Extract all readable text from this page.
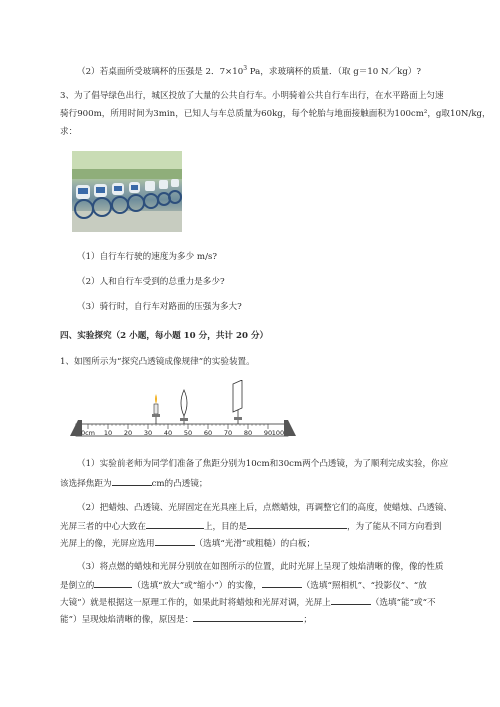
（2）若桌面所受玻璃杯的压强是 2．$7\times 10^3$ Pa，求玻璃杯的质量．（取 g＝10 N／kg）?
3、为了倡导绿色出行，城区投放了大量的公共自行车。小明骑着公共自行车出行，在水平路面上匀速
骑行900m，所用时间为3min，已知人与车总质量为60kg，每个轮胎与地面接触面积为100cm²，g取10N/kg，
求：
（1）自行车行驶的速度为多少 m/s?
（2）人和自行车受到的总重力是多少?
（3）骑行时，自行车对路面的压强为多大?
四、实验探究（2 小题，每小题 10 分，共计 20 分）
1、如图所示为“探究凸透镜成像规律”的实验装置。
0cm 10 20 30 40 50 60 70 80 90 100
（1）实验前老师为同学们准备了焦距分别为10cm和30cm两个凸透镜，为了顺利完成实验，你应
该选择焦距为	cm的凸透镜；
（2）把蜡烛、凸透镜、光屏固定在光具座上后，点燃蜡烛，再调整它们的高度，使蜡烛、凸透镜、
光屏三者的中心大致在	上，目的是	，为了能从不同方向看到
光屏上的像，光屏应选用	（选填“光滑”或粗糙）的白板；
（3）将点燃的蜡烛和光屏分别放在如图所示的位置，此时光屏上呈现了烛焰清晰的像，像的性质
是倒立的	（选填“放大”或“缩小”）的实像，	（选填“照相机”、“投影仪”、“放
大镜”）就是根据这一原理工作的，如果此时将蜡烛和光屏对调，光屏上	（选填“能”或“不
能”）呈现烛焰清晰的像，原因是：	；
